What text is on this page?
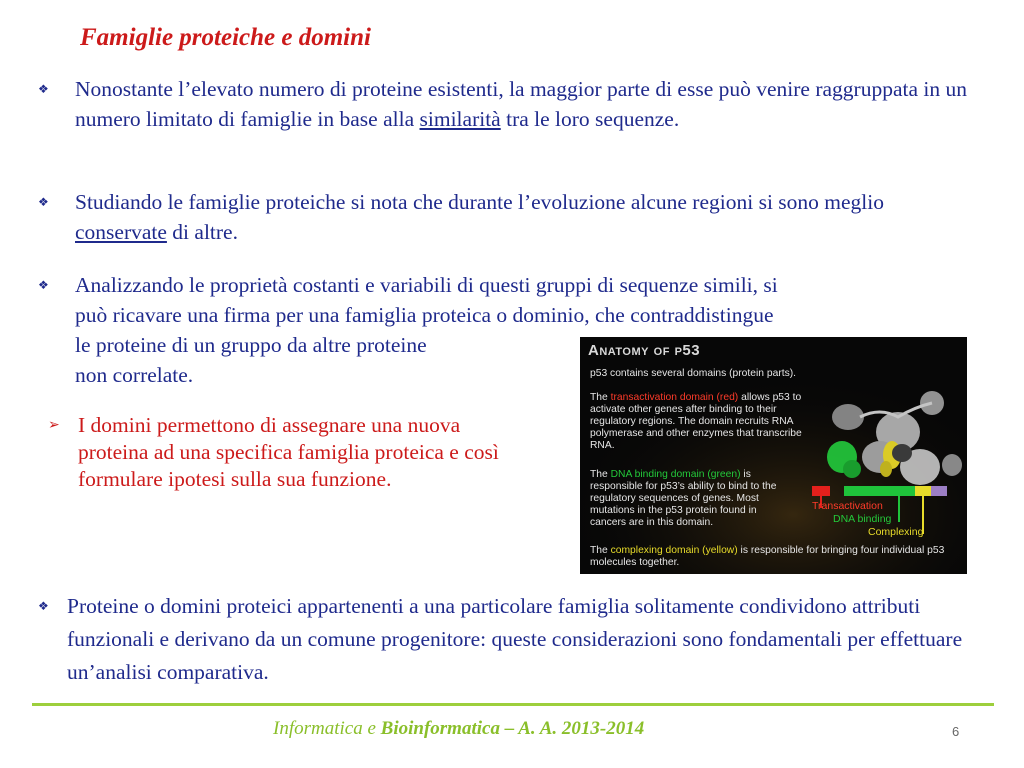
Famiglie proteiche e domini
❖	Nonostante l’elevato numero di proteine esistenti, la maggior parte di esse può venire raggruppata in un numero limitato di famiglie in base alla similarità tra le loro sequenze.
❖	Studiando le famiglie proteiche si nota che durante l’evoluzione alcune regioni si sono meglio conservate di altre.
❖	Analizzando le proprietà costanti e variabili di questi gruppi di sequenze simili, si
può ricavare una firma per una famiglia proteica o dominio, che contraddistingue
le proteine di un gruppo da altre proteine
non correlate.
➢ I domini permettono di assegnare una nuova proteina ad una specifica famiglia proteica e così formulare ipotesi sulla sua funzione.
Anatomy of p53
p53 contains several domains (protein parts).
The transactivation domain (red) allows p53 to activate other genes after binding to their regulatory regions. The domain recruits RNA polymerase and other enzymes that transcribe RNA.
The DNA binding domain (green) is responsible for p53’s ability to bind to the regulatory sequences of genes. Most mutations in the p53 protein found in cancers are in this domain.
The complexing domain (yellow) is responsible for bringing four individual p53 molecules together.
Transactivation
DNA binding
Complexing
❖ Proteine o domini proteici appartenenti a una particolare famiglia solitamente condividono attributi funzionali e derivano da un comune progenitore: queste considerazioni sono fondamentali per effettuare un’analisi comparativa.
Informatica e Bioinformatica – A. A. 2013-2014	6
